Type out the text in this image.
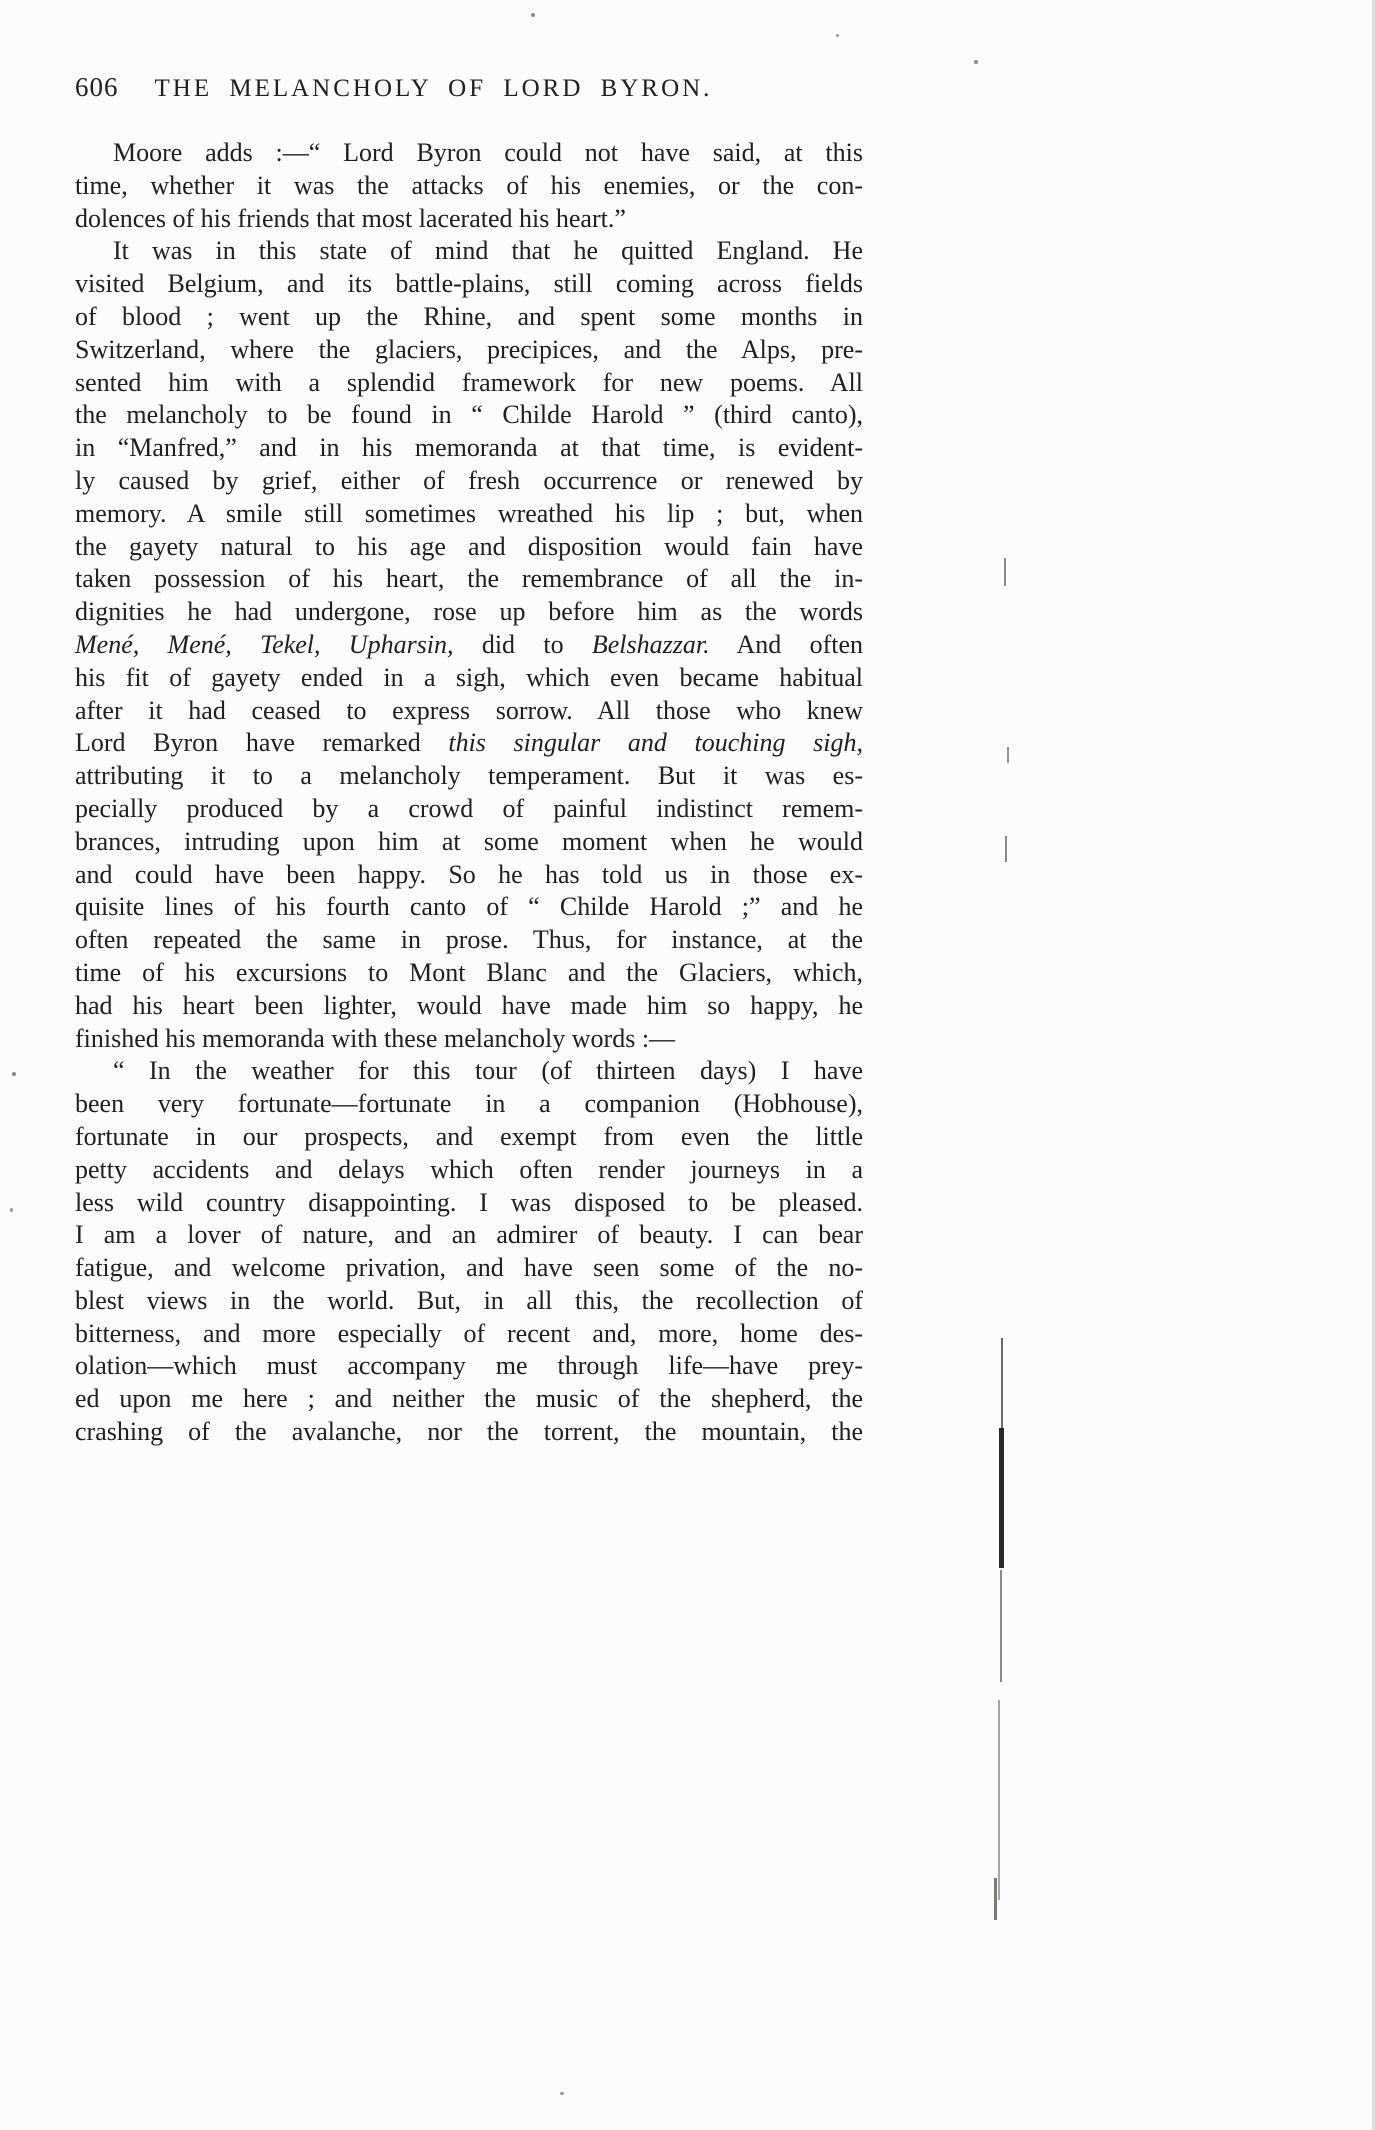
606 THE MELANCHOLY OF LORD BYRON.
Moore adds :—“ Lord Byron could not have said, at this
time, whether it was the attacks of his enemies, or the con-
dolences of his friends that most lacerated his heart.”
It was in this state of mind that he quitted England. He
visited Belgium, and its battle-plains, still coming across fields
of blood ; went up the Rhine, and spent some months in
Switzerland, where the glaciers, precipices, and the Alps, pre-
sented him with a splendid framework for new poems. All
the melancholy to be found in “ Childe Harold ” (third canto),
in “Manfred,” and in his memoranda at that time, is evident-
ly caused by grief, either of fresh occurrence or renewed by
memory. A smile still sometimes wreathed his lip ; but, when
the gayety natural to his age and disposition would fain have
taken possession of his heart, the remembrance of all the in-
dignities he had undergone, rose up before him as the words
Mené, Mené, Tekel, Upharsin, did to Belshazzar. And often
his fit of gayety ended in a sigh, which even became habitual
after it had ceased to express sorrow. All those who knew
Lord Byron have remarked this singular and touching sigh,
attributing it to a melancholy temperament. But it was es-
pecially produced by a crowd of painful indistinct remem-
brances, intruding upon him at some moment when he would
and could have been happy. So he has told us in those ex-
quisite lines of his fourth canto of “ Childe Harold ;” and he
often repeated the same in prose. Thus, for instance, at the
time of his excursions to Mont Blanc and the Glaciers, which,
had his heart been lighter, would have made him so happy, he
finished his memoranda with these melancholy words :—
“ In the weather for this tour (of thirteen days) I have
been very fortunate—fortunate in a companion (Hobhouse),
fortunate in our prospects, and exempt from even the little
petty accidents and delays which often render journeys in a
less wild country disappointing. I was disposed to be pleased.
I am a lover of nature, and an admirer of beauty. I can bear
fatigue, and welcome privation, and have seen some of the no-
blest views in the world. But, in all this, the recollection of
bitterness, and more especially of recent and, more, home des-
olation—which must accompany me through life—have prey-
ed upon me here ; and neither the music of the shepherd, the
crashing of the avalanche, nor the torrent, the mountain, the
